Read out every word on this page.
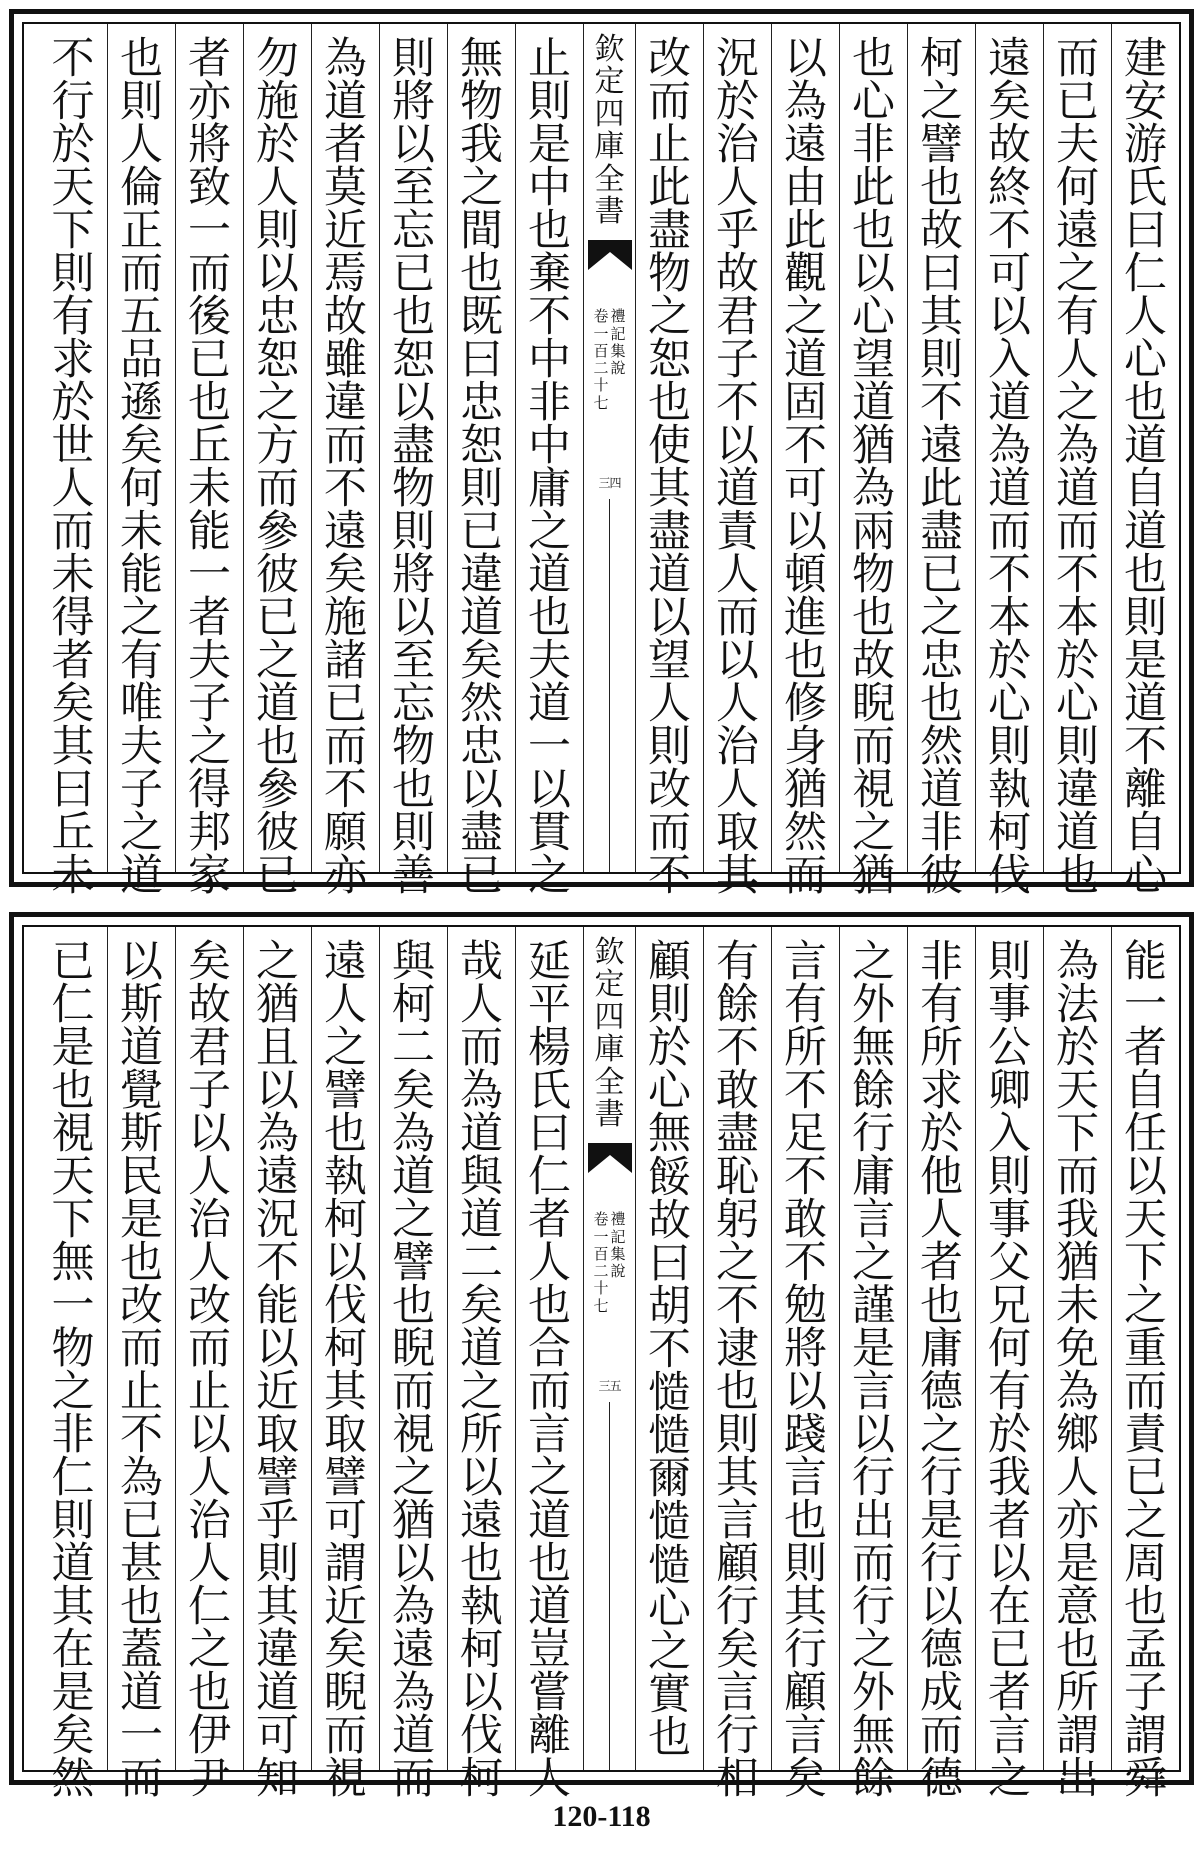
建
安
游
氏
曰
仁
人
心
也
道
自
道
也
則
是
道
不
離
自
心
而
已
夫
何
遠
之
有
人
之
為
道
而
不
本
於
心
則
違
道
也
遠
矣
故
終
不
可
以
入
道
為
道
而
不
本
於
心
則
執
柯
伐
柯
之
譬
也
故
曰
其
則
不
遠
此
盡
已
之
忠
也
然
道
非
彼
也
心
非
此
也
以
心
望
道
猶
為
兩
物
也
故
睨
而
視
之
猶
以
為
遠
由
此
觀
之
道
固
不
可
以
頓
進
也
修
身
猶
然
而
況
於
治
人
乎
故
君
子
不
以
道
責
人
而
以
人
治
人
取
其
改
而
止
此
盡
物
之
恕
也
使
其
盡
道
以
望
人
則
改
而
不
欽
定
四
庫
全
書
禮
記
集
說
卷
一
百
二
十
七
三四
止
則
是
中
也
棄
不
中
非
中
庸
之
道
也
夫
道
一
以
貫
之
無
物
我
之
間
也
既
曰
忠
恕
則
已
違
道
矣
然
忠
以
盡
已
則
將
以
至
忘
已
也
恕
以
盡
物
則
將
以
至
忘
物
也
則
善
為
道
者
莫
近
焉
故
雖
違
而
不
遠
矣
施
諸
已
而
不
願
亦
勿
施
於
人
則
以
忠
恕
之
方
而
參
彼
已
之
道
也
參
彼
已
者
亦
將
致
一
而
後
已
也
丘
未
能
一
者
夫
子
之
得
邦
家
也
則
人
倫
正
而
五
品
遜
矣
何
未
能
之
有
唯
夫
子
之
道
不
行
於
天
下
則
有
求
於
世
人
而
未
得
者
矣
其
曰
丘
未
能
一
者
自
任
以
天
下
之
重
而
責
已
之
周
也
孟
子
謂
舜
為
法
於
天
下
而
我
猶
未
免
為
鄉
人
亦
是
意
也
所
謂
出
則
事
公
卿
入
則
事
父
兄
何
有
於
我
者
以
在
已
者
言
之
非
有
所
求
於
他
人
者
也
庸
德
之
行
是
行
以
德
成
而
德
之
外
無
餘
行
庸
言
之
謹
是
言
以
行
出
而
行
之
外
無
餘
言
有
所
不
足
不
敢
不
勉
將
以
踐
言
也
則
其
行
顧
言
矣
有
餘
不
敢
盡
恥
躬
之
不
逮
也
則
其
言
顧
行
矣
言
行
相
顧
則
於
心
無
餒
故
曰
胡
不
慥
慥
爾
慥
慥
心
之
實
也
欽
定
四
庫
全
書
禮
記
集
說
卷
一
百
二
十
七
三五
延
平
楊
氏
曰
仁
者
人
也
合
而
言
之
道
也
道
豈
嘗
離
人
哉
人
而
為
道
與
道
二
矣
道
之
所
以
遠
也
執
柯
以
伐
柯
與
柯
二
矣
為
道
之
譬
也
睨
而
視
之
猶
以
為
遠
為
道
而
遠
人
之
譬
也
執
柯
以
伐
柯
其
取
譬
可
謂
近
矣
睨
而
視
之
猶
且
以
為
遠
況
不
能
以
近
取
譬
乎
則
其
違
道
可
知
矣
故
君
子
以
人
治
人
改
而
止
以
人
治
人
仁
之
也
伊
尹
以
斯
道
覺
斯
民
是
也
改
而
止
不
為
已
甚
也
蓋
道
一
而
已
仁
是
也
視
天
下
無
一
物
之
非
仁
則
道
其
在
是
矣
然
120-118
